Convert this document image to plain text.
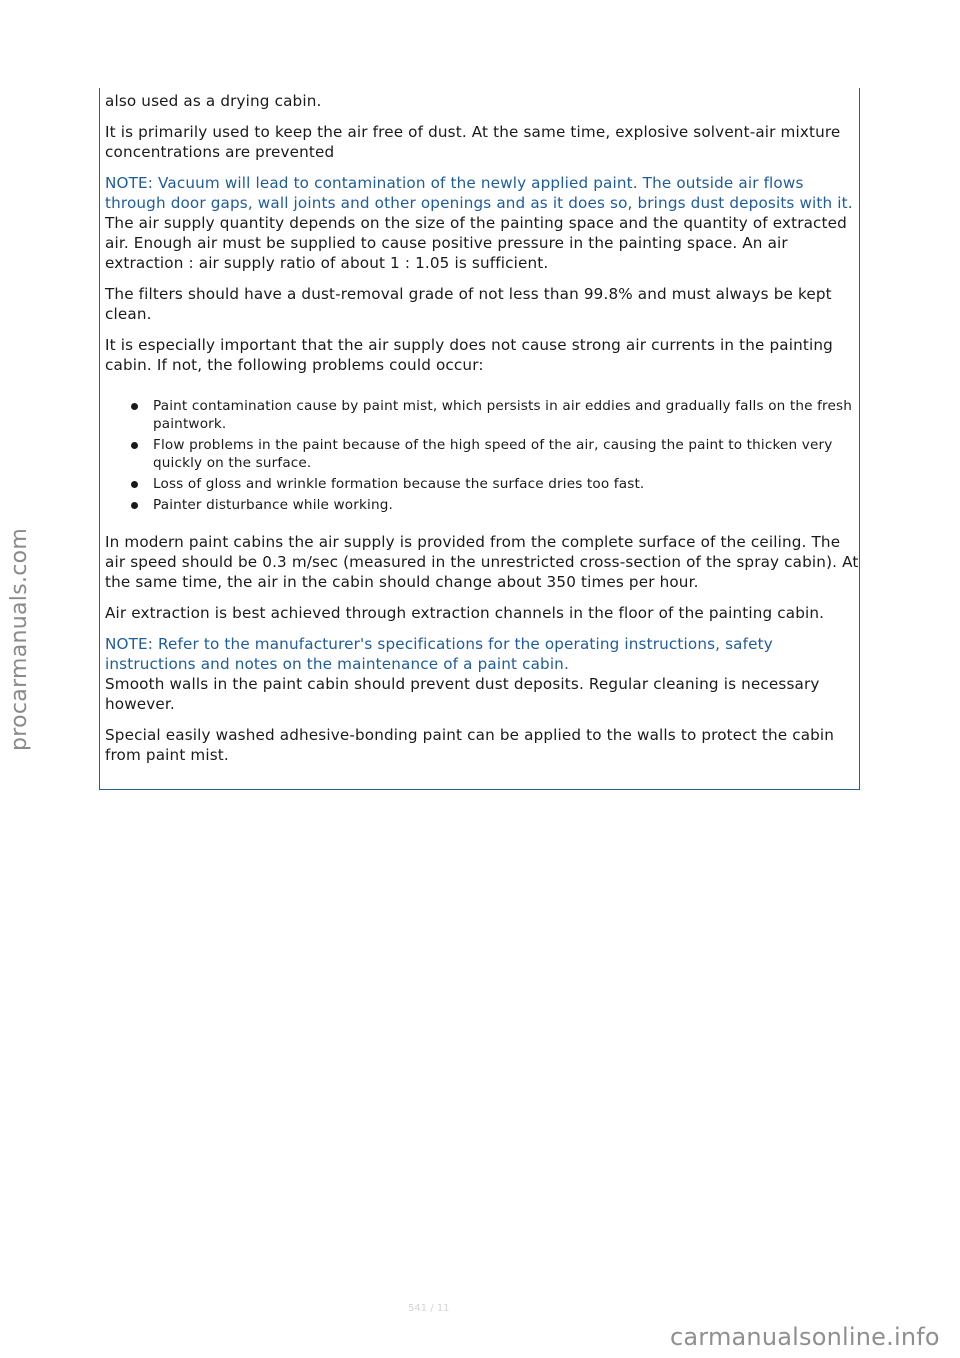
also used as a drying cabin.

It is primarily used to keep the air free of dust. At the same time, explosive solvent-air mixture concentrations are prevented

NOTE: Vacuum will lead to contamination of the newly applied paint. The outside air flows through door gaps, wall joints and other openings and as it does so, brings dust deposits with it.

The air supply quantity depends on the size of the painting space and the quantity of extracted air. Enough air must be supplied to cause positive pressure in the painting space. An air extraction : air supply ratio of about 1 : 1.05 is sufficient.

The filters should have a dust-removal grade of not less than 99.8% and must always be kept clean.

It is especially important that the air supply does not cause strong air currents in the painting cabin. If not, the following problems could occur:

Paint contamination cause by paint mist, which persists in air eddies and gradually falls on the fresh paintwork.
Flow problems in the paint because of the high speed of the air, causing the paint to thicken very quickly on the surface.
Loss of gloss and wrinkle formation because the surface dries too fast.
Painter disturbance while working.

In modern paint cabins the air supply is provided from the complete surface of the ceiling. The air speed should be 0.3 m/sec (measured in the unrestricted cross-section of the spray cabin). At the same time, the air in the cabin should change about 350 times per hour.

Air extraction is best achieved through extraction channels in the floor of the painting cabin.

NOTE: Refer to the manufacturer's specifications for the operating instructions, safety instructions and notes on the maintenance of a paint cabin.

Smooth walls in the paint cabin should prevent dust deposits. Regular cleaning is necessary however.

Special easily washed adhesive-bonding paint can be applied to the walls to protect the cabin from paint mist.

procarmanuals.com
541 / 11
carmanualsonline.info
